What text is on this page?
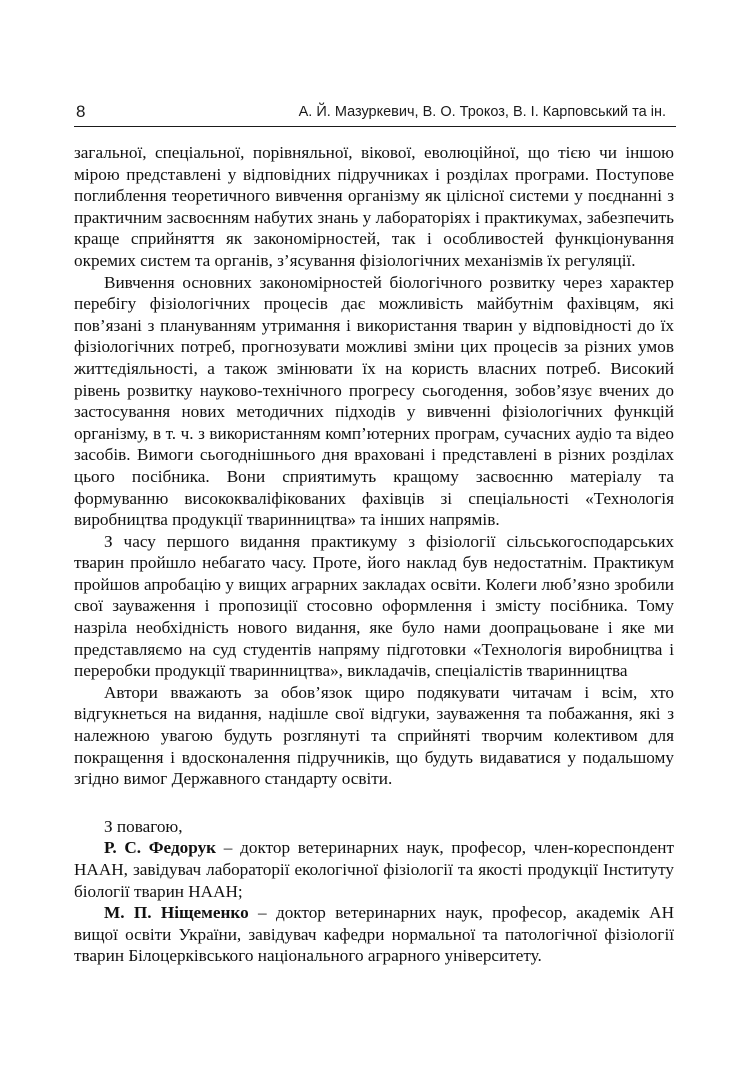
8	А. Й. Мазуркевич, В. О. Трокоз, В. І. Карповський та ін.

загальної, спеціальної, порівняльної, вікової, еволюційної, що тією чи іншою мірою представлені у відповідних підручниках і розділах програми. Поступове поглиблення теоретичного вивчення організму як цілісної системи у поєднанні з практичним засвоєнням набутих знань у лабораторіях і практикумах, забезпечить краще сприйняття як закономірностей, так і особливостей функціонування окремих систем та органів, з’ясування фізіологічних механізмів їх регуляції.

Вивчення основних закономірностей біологічного розвитку через характер перебігу фізіологічних процесів дає можливість майбутнім фахівцям, які пов’язані з плануванням утримання і використання тварин у відповідності до їх фізіологічних потреб, прогнозувати можливі зміни цих процесів за різних умов життєдіяльності, а також змінювати їх на користь власних потреб. Високий рівень розвитку науково-технічного прогресу сьогодення, зобов’язує вчених до застосування нових методичних підходів у вивченні фізіологічних функцій організму, в т. ч. з використанням комп’ютерних програм, сучасних аудіо та відео засобів. Вимоги сьогоднішнього дня враховані і представлені в різних розділах цього посібника. Вони сприятимуть кращому засвоєнню матеріалу та формуванню висококваліфікованих фахівців зі спеціальності «Технологія виробництва продукції тваринництва» та інших напрямів.

З часу першого видання практикуму з фізіології сільськогосподарських тварин пройшло небагато часу. Проте, його наклад був недостатнім. Практикум пройшов апробацію у вищих аграрних закладах освіти. Колеги люб’язно зробили свої зауваження і пропозиції стосовно оформлення і змісту посібника. Тому назріла необхідність нового видання, яке було нами доопрацьоване і яке ми представляємо на суд студентів напряму підготовки «Технологія виробництва і переробки продукції тваринництва», викладачів, спеціалістів тваринництва

Автори вважають за обов’язок щиро подякувати читачам і всім, хто відгукнеться на видання, надішле свої відгуки, зауваження та побажання, які з належною увагою будуть розглянуті та сприйняті творчим колективом для покращення і вдосконалення підручників, що будуть видаватися у подальшому згідно вимог Державного стандарту освіти.

З повагою,

Р. С. Федорук – доктор ветеринарних наук, професор, член-кореспондент НААН, завідувач лабораторії екологічної фізіології та якості продукції Інституту біології тварин НААН;

М. П. Ніщеменко – доктор ветеринарних наук, професор, академік АН вищої освіти України, завідувач кафедри нормальної та патологічної фізіології тварин Білоцерківського національного аграрного університету.
